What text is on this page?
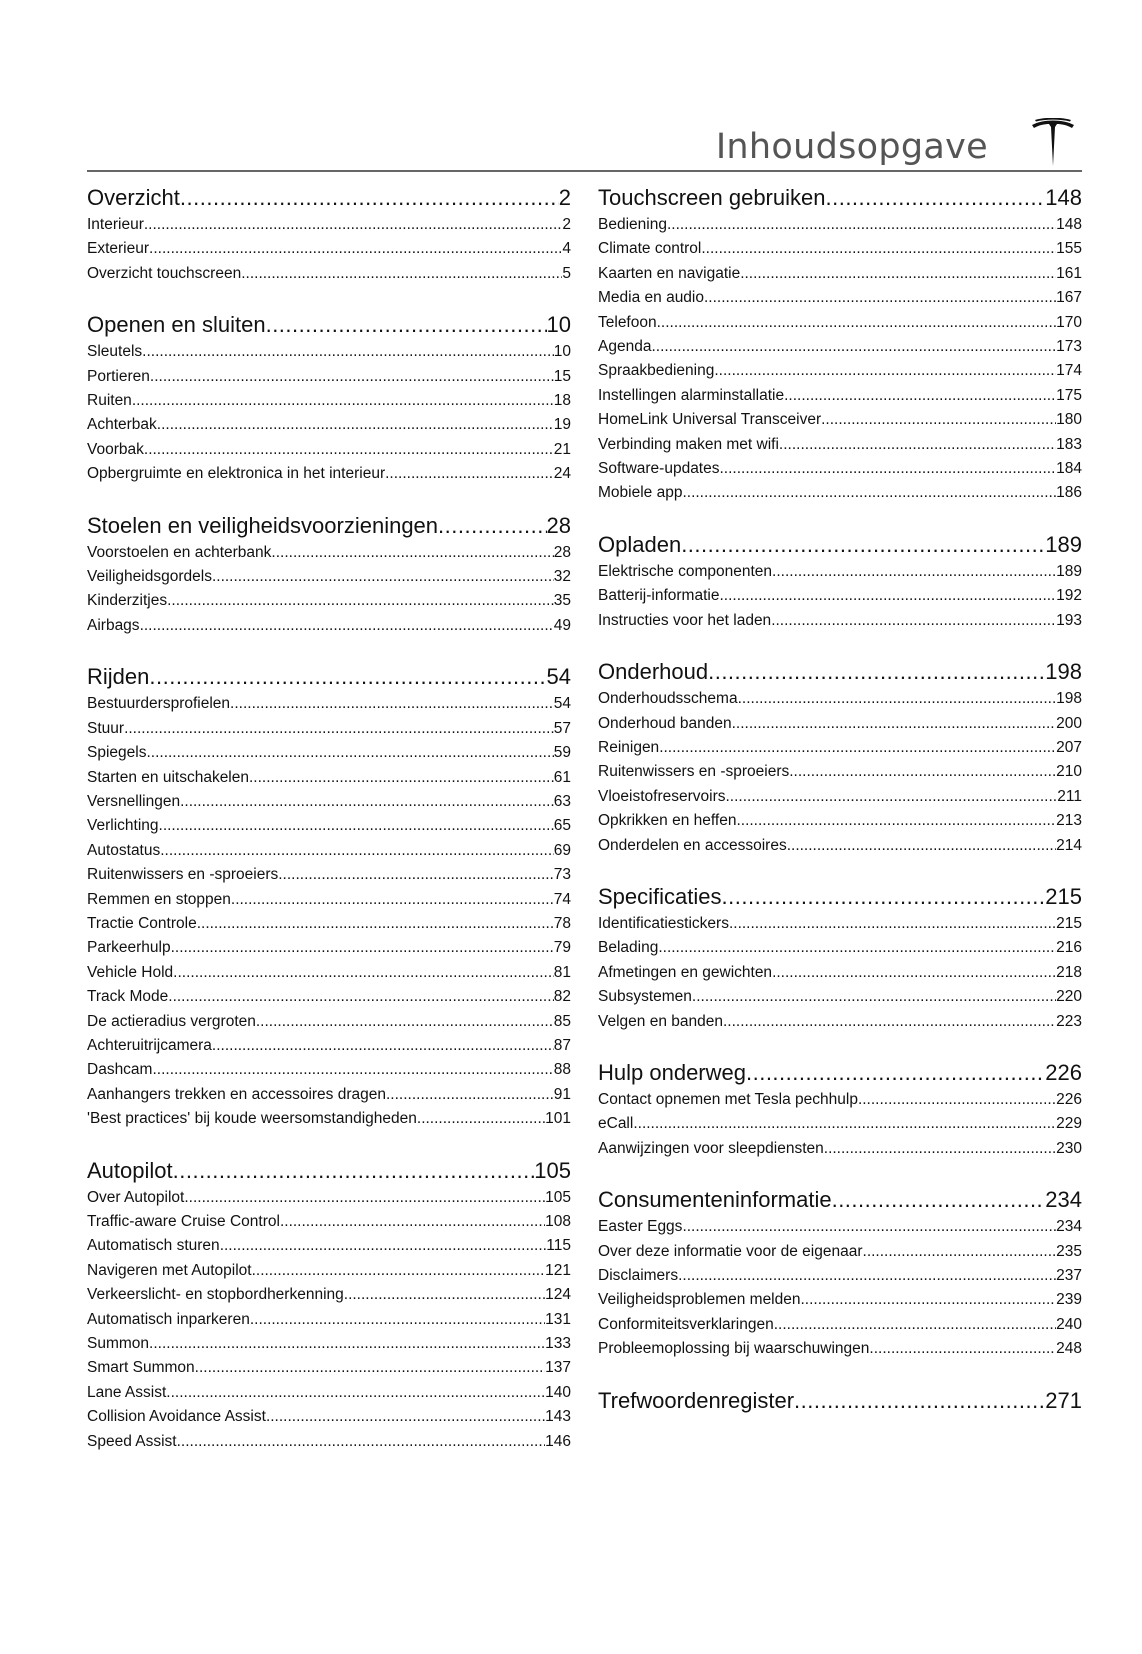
Inhoudsopgave
Overzicht .....	2
Interieur .....	2
Exterieur .....	4
Overzicht touchscreen .....	5
Openen en sluiten .....	10
Sleutels .....	10
Portieren .....	15
Ruiten .....	18
Achterbak .....	19
Voorbak .....	21
Opbergruimte en elektronica in het interieur .....	24
Stoelen en veiligheidsvoorzieningen .....	28
Voorstoelen en achterbank .....	28
Veiligheidsgordels .....	32
Kinderzitjes .....	35
Airbags .....	49
Rijden .....	54
Bestuurdersprofielen .....	54
Stuur .....	57
Spiegels .....	59
Starten en uitschakelen .....	61
Versnellingen .....	63
Verlichting .....	65
Autostatus .....	69
Ruitenwissers en -sproeiers .....	73
Remmen en stoppen .....	74
Tractie Controle .....	78
Parkeerhulp .....	79
Vehicle Hold .....	81
Track Mode .....	82
De actieradius vergroten .....	85
Achteruitrijcamera .....	87
Dashcam .....	88
Aanhangers trekken en accessoires dragen .....	91
'Best practices' bij koude weersomstandigheden .....	101
Autopilot .....	105
Over Autopilot .....	105
Traffic-aware Cruise Control .....	108
Automatisch sturen .....	115
Navigeren met Autopilot .....	121
Verkeerslicht- en stopbordherkenning .....	124
Automatisch inparkeren .....	131
Summon .....	133
Smart Summon .....	137
Lane Assist .....	140
Collision Avoidance Assist .....	143
Speed Assist .....	146
Touchscreen gebruiken .....	148
Bediening .....	148
Climate control .....	155
Kaarten en navigatie .....	161
Media en audio .....	167
Telefoon .....	170
Agenda .....	173
Spraakbediening .....	174
Instellingen alarminstallatie .....	175
HomeLink Universal Transceiver .....	180
Verbinding maken met wifi .....	183
Software-updates .....	184
Mobiele app .....	186
Opladen .....	189
Elektrische componenten .....	189
Batterij-informatie .....	192
Instructies voor het laden .....	193
Onderhoud .....	198
Onderhoudsschema .....	198
Onderhoud banden .....	200
Reinigen .....	207
Ruitenwissers en -sproeiers .....	210
Vloeistofreservoirs .....	211
Opkrikken en heffen .....	213
Onderdelen en accessoires .....	214
Specificaties .....	215
Identificatiestickers .....	215
Belading .....	216
Afmetingen en gewichten .....	218
Subsystemen .....	220
Velgen en banden .....	223
Hulp onderweg .....	226
Contact opnemen met Tesla pechhulp .....	226
eCall .....	229
Aanwijzingen voor sleepdiensten .....	230
Consumenteninformatie .....	234
Easter Eggs .....	234
Over deze informatie voor de eigenaar .....	235
Disclaimers .....	237
Veiligheidsproblemen melden .....	239
Conformiteitsverklaringen .....	240
Probleemoplossing bij waarschuwingen .....	248
Trefwoordenregister .....	271
